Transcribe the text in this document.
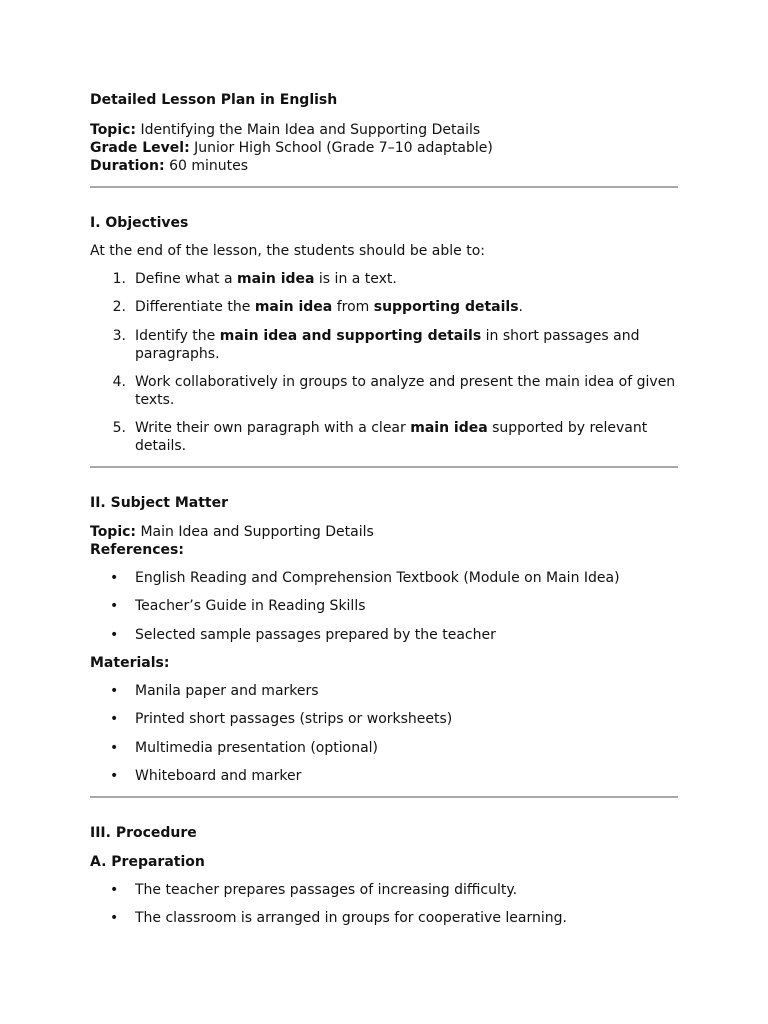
Detailed Lesson Plan in English

Topic: Identifying the Main Idea and Supporting Details

Grade Level: Junior High School (Grade 7–10 adaptable)

Duration: 60 minutes

I. Objectives

At the end of the lesson, the students should be able to:

1. Define what a main idea is in a text.
2. Differentiate the main idea from supporting details.
3. Identify the main idea and supporting details in short passages and paragraphs.
4. Work collaboratively in groups to analyze and present the main idea of given texts.
5. Write their own paragraph with a clear main idea supported by relevant details.

II. Subject Matter

Topic: Main Idea and Supporting Details

References:

• English Reading and Comprehension Textbook (Module on Main Idea)
• Teacher’s Guide in Reading Skills
• Selected sample passages prepared by the teacher

Materials:

• Manila paper and markers
• Printed short passages (strips or worksheets)
• Multimedia presentation (optional)
• Whiteboard and marker

III. Procedure

A. Preparation

• The teacher prepares passages of increasing difficulty.
• The classroom is arranged in groups for cooperative learning.
